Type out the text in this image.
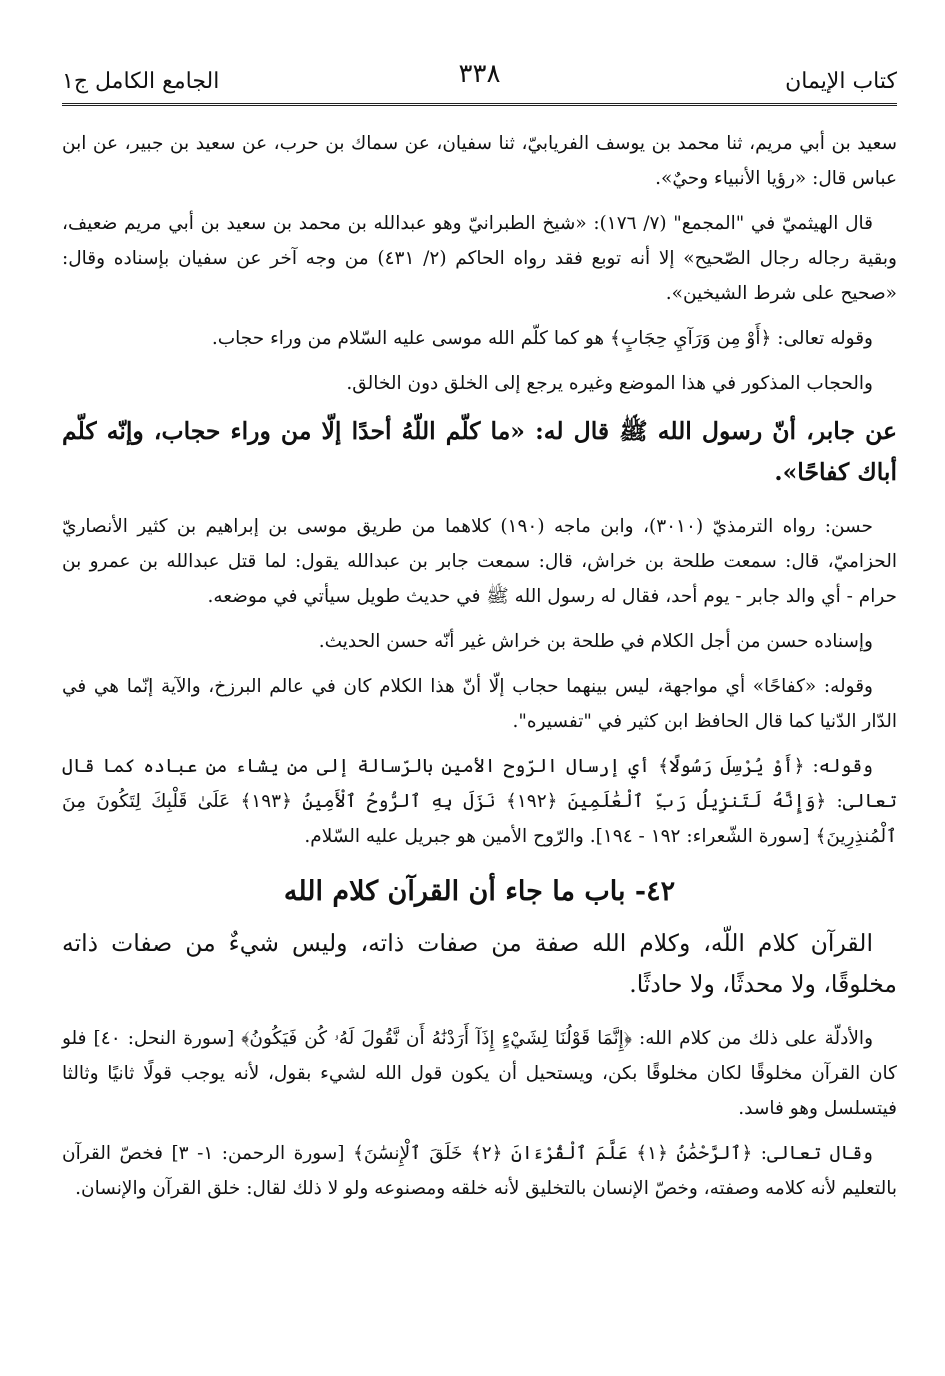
كتاب الإيمان
٣٣٨
الجامع الكامل ج١

سعيد بن أبي مريم، ثنا محمد بن يوسف الفريابيّ، ثنا سفيان، عن سماك بن حرب، عن سعيد بن جبير، عن ابن عباس قال: «رؤيا الأنبياء وحيٌ».

قال الهيثميّ في "المجمع" (٧/ ١٧٦): «شيخ الطبرانيّ وهو عبدالله بن محمد بن سعيد بن أبي مريم ضعيف، وبقية رجاله رجال الصّحيح» إلا أنه توبع فقد رواه الحاكم (٢/ ٤٣١) من وجه آخر عن سفيان بإسناده وقال: «صحيح على شرط الشيخين».

وقوله تعالى: ﴿أَوْ مِن وَرَآيِ حِجَابٍ﴾ هو كما كلّم الله موسى عليه السّلام من وراء حجاب.

والحجاب المذكور في هذا الموضع وغيره يرجع إلى الخلق دون الخالق.

عن جابر، أنّ رسول الله ﷺ قال له: «ما كلّم اللّهُ أحدًا إلّا من وراء حجاب، وإنّه كلّم أباك كفاحًا».

حسن: رواه الترمذيّ (٣٠١٠)، وابن ماجه (١٩٠) كلاهما من طريق موسى بن إبراهيم بن كثير الأنصاريّ الحزاميّ، قال: سمعت طلحة بن خراش، قال: سمعت جابر بن عبدالله يقول: لما قتل عبدالله بن عمرو بن حرام - أي والد جابر - يوم أحد، فقال له رسول الله ﷺ في حديث طويل سيأتي في موضعه.

وإسناده حسن من أجل الكلام في طلحة بن خراش غير أنّه حسن الحديث.

وقوله: «كفاحًا» أي مواجهة، ليس بينهما حجاب إلّا أنّ هذا الكلام كان في عالم البرزخ، والآية إنّما هي في الدّار الدّنيا كما قال الحافظ ابن كثير في "تفسيره".

وقوله: ﴿أَوْ يُرْسِلَ رَسُولًا﴾ أي إرسال الرّوح الأمين بالرّسالة إلى من يشاء من عباده كما قال تعالى: ﴿وَإِنَّهُ لَتَنزِيلُ رَبِّ ٱلْعَٰلَمِينَ ﴿١٩٢﴾ نَزَلَ بِهِ ٱلرُّوحُ ٱلْأَمِينُ ﴿١٩٣﴾ عَلَىٰ قَلْبِكَ لِتَكُونَ مِنَ ٱلْمُنذِرِينَ﴾ [سورة الشّعراء: ١٩٢ - ١٩٤]. والرّوح الأمين هو جبريل عليه السّلام.

٤٢- باب ما جاء أن القرآن كلام الله

القرآن كلام اللّه، وكلام الله صفة من صفات ذاته، وليس شيءٌ من صفات ذاته مخلوقًا، ولا محدثًا، ولا حادثًا.

والأدلّة على ذلك من كلام الله: ﴿إِنَّمَا قَوْلُنَا لِشَيْءٍ إِذَآ أَرَدْنَٰهُ أَن نَّقُولَ لَهُۥ كُن فَيَكُونُ﴾ [سورة النحل: ٤٠] فلو كان القرآن مخلوقًا لكان مخلوقًا بكن، ويستحيل أن يكون قول الله لشيء بقول، لأنه يوجب قولًا ثانيًا وثالثا فيتسلسل وهو فاسد.

وقال تعالى: ﴿ٱلرَّحْمَٰنُ ﴿١﴾ عَلَّمَ ٱلْقُرْءَانَ ﴿٢﴾ خَلَقَ ٱلْإِنسَٰنَ﴾ [سورة الرحمن: ١- ٣] فخصّ القرآن بالتعليم لأنه كلامه وصفته، وخصّ الإنسان بالتخليق لأنه خلقه ومصنوعه ولو لا ذلك لقال: خلق القرآن والإنسان.
